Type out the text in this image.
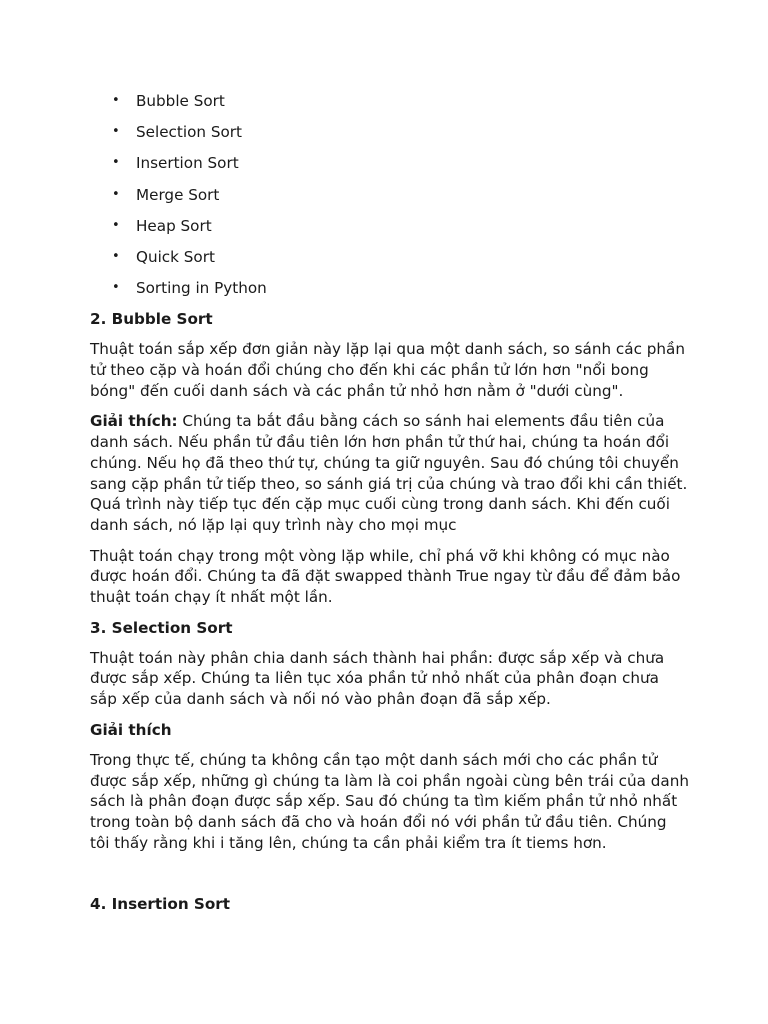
• Bubble Sort
• Selection Sort
• Insertion Sort
• Merge Sort
• Heap Sort
• Quick Sort
• Sorting in Python
2. Bubble Sort

Thuật toán sắp xếp đơn giản này lặp lại qua một danh sách, so sánh các phần tử theo cặp và hoán đổi chúng cho đến khi các phần tử lớn hơn "nổi bong bóng" đến cuối danh sách và các phần tử nhỏ hơn nằm ở "dưới cùng".

Giải thích: Chúng ta bắt đầu bằng cách so sánh hai elements đầu tiên của danh sách. Nếu phần tử đầu tiên lớn hơn phần tử thứ hai, chúng ta hoán đổi chúng. Nếu họ đã theo thứ tự, chúng ta giữ nguyên. Sau đó chúng tôi chuyển sang cặp phần tử tiếp theo, so sánh giá trị của chúng và trao đổi khi cần thiết. Quá trình này tiếp tục đến cặp mục cuối cùng trong danh sách. Khi đến cuối danh sách, nó lặp lại quy trình này cho mọi mục

Thuật toán chạy trong một vòng lặp while, chỉ phá vỡ khi không có mục nào được hoán đổi. Chúng ta đã đặt swapped thành True ngay từ đầu để đảm bảo thuật toán chạy ít nhất một lần.

3. Selection Sort

Thuật toán này phân chia danh sách thành hai phần: được sắp xếp và chưa được sắp xếp. Chúng ta liên tục xóa phần tử nhỏ nhất của phân đoạn chưa sắp xếp của danh sách và nối nó vào phân đoạn đã sắp xếp.

Giải thích

Trong thực tế, chúng ta không cần tạo một danh sách mới cho các phần tử được sắp xếp, những gì chúng ta làm là coi phần ngoài cùng bên trái của danh sách là phân đoạn được sắp xếp. Sau đó chúng ta tìm kiếm phần tử nhỏ nhất trong toàn bộ danh sách đã cho và hoán đổi nó với phần tử đầu tiên. Chúng tôi thấy rằng khi i tăng lên, chúng ta cần phải kiểm tra ít tiems hơn.

4. Insertion Sort
